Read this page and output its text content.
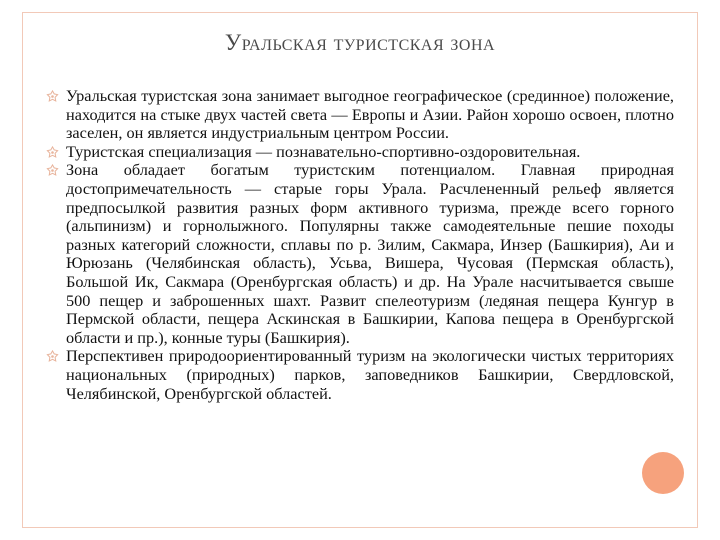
Уральская туристская зона

Уральская туристская зона занимает выгодное географическое (срединное) положение, находится на стыке двух частей света — Европы и Азии. Район хорошо освоен, плотно заселен, он является индустриальным центром России.

Туристская специализация — познавательно-спортивно-оздоровительная.

Зона обладает богатым туристским потенциалом. Главная природная достопримечательность — старые горы Урала. Расчлененный рельеф является предпосылкой развития разных форм активного туризма, прежде всего горного (альпинизм) и горнолыжного. Популярны также самодеятельные пешие походы разных категорий сложности, сплавы по р. Зилим, Сакмара, Инзер (Башкирия), Аи и Юрюзань (Челябинская область), Усьва, Вишера, Чусовая (Пермская область), Большой Ик, Сакмара (Оренбургская область) и др. На Урале насчитывается свыше 500 пещер и заброшенных шахт. Развит спелеотуризм (ледяная пещера Кунгур в Пермской области, пещера Аскинская в Башкирии, Капова пещера в Оренбургской области и пр.), конные туры (Башкирия).

Перспективен природоориентированный туризм на экологически чистых территориях национальных (природных) парков, заповедников Башкирии, Свердловской, Челябинской, Оренбургской областей.
